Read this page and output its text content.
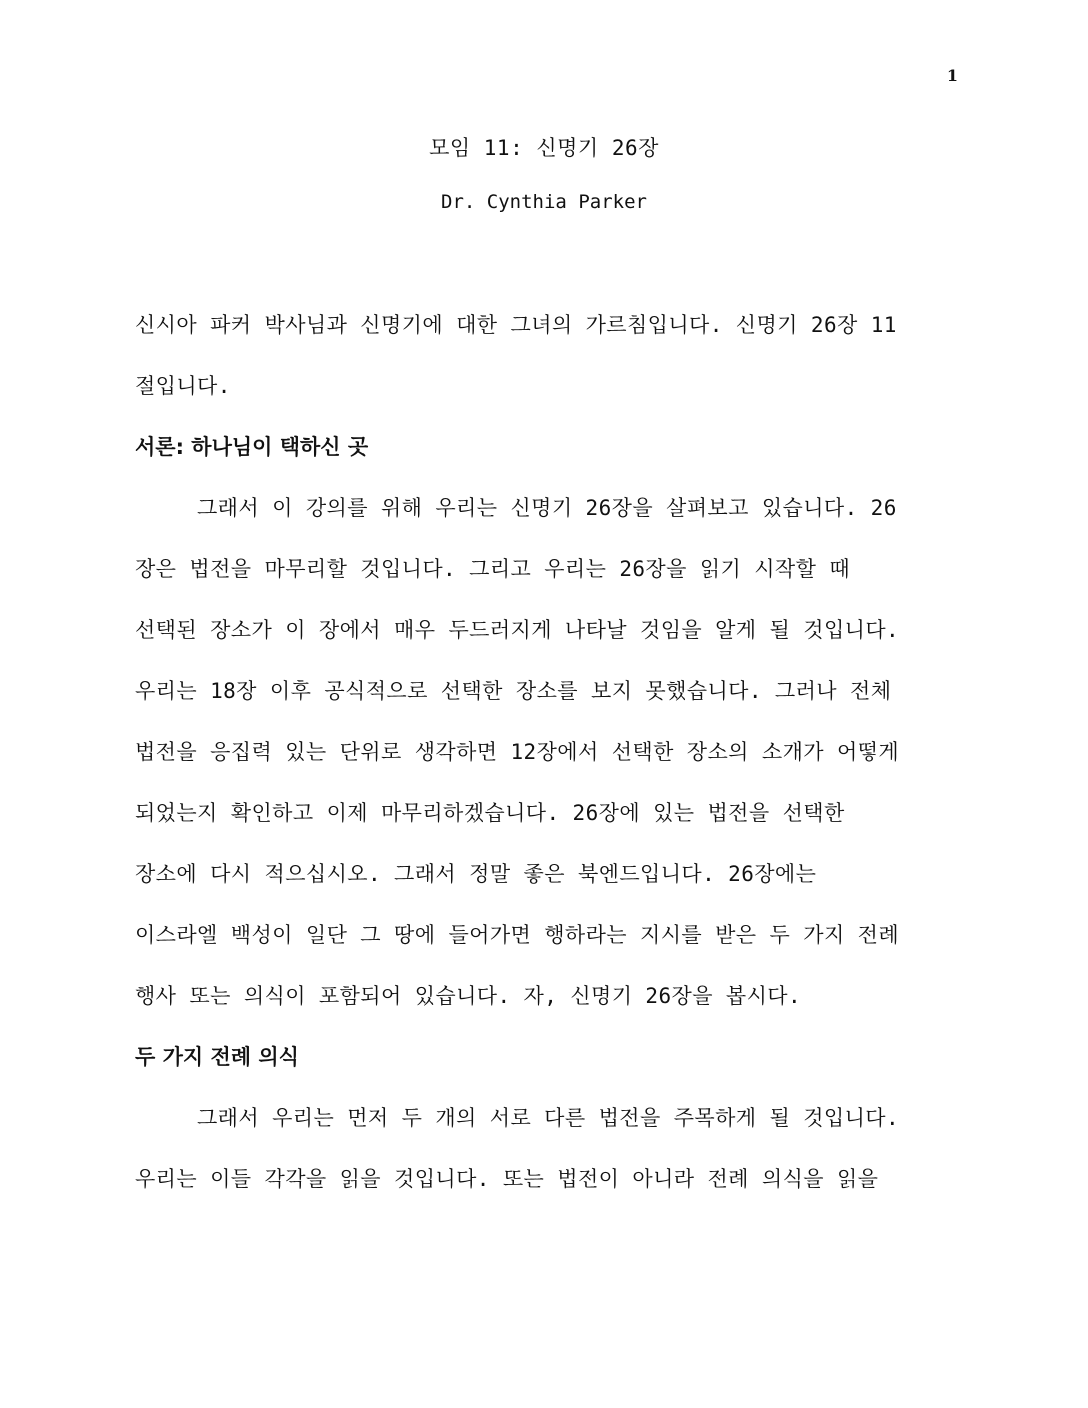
1
모임 11: 신명기 26장
Dr. Cynthia Parker
신시아 파커 박사님과 신명기에 대한 그녀의 가르침입니다. 신명기 26장 11
절입니다.
서론: 하나님이 택하신 곳
그래서 이 강의를 위해 우리는 신명기 26장을 살펴보고 있습니다. 26
장은 법전을 마무리할 것입니다. 그리고 우리는 26장을 읽기 시작할 때
선택된 장소가 이 장에서 매우 두드러지게 나타날 것임을 알게 될 것입니다.
우리는 18장 이후 공식적으로 선택한 장소를 보지 못했습니다. 그러나 전체
법전을 응집력 있는 단위로 생각하면 12장에서 선택한 장소의 소개가 어떻게
되었는지 확인하고 이제 마무리하겠습니다. 26장에 있는 법전을 선택한
장소에 다시 적으십시오. 그래서 정말 좋은 북엔드입니다. 26장에는
이스라엘 백성이 일단 그 땅에 들어가면 행하라는 지시를 받은 두 가지 전례
행사 또는 의식이 포함되어 있습니다. 자, 신명기 26장을 봅시다.
두 가지 전례 의식
그래서 우리는 먼저 두 개의 서로 다른 법전을 주목하게 될 것입니다.
우리는 이들 각각을 읽을 것입니다. 또는 법전이 아니라 전례 의식을 읽을
